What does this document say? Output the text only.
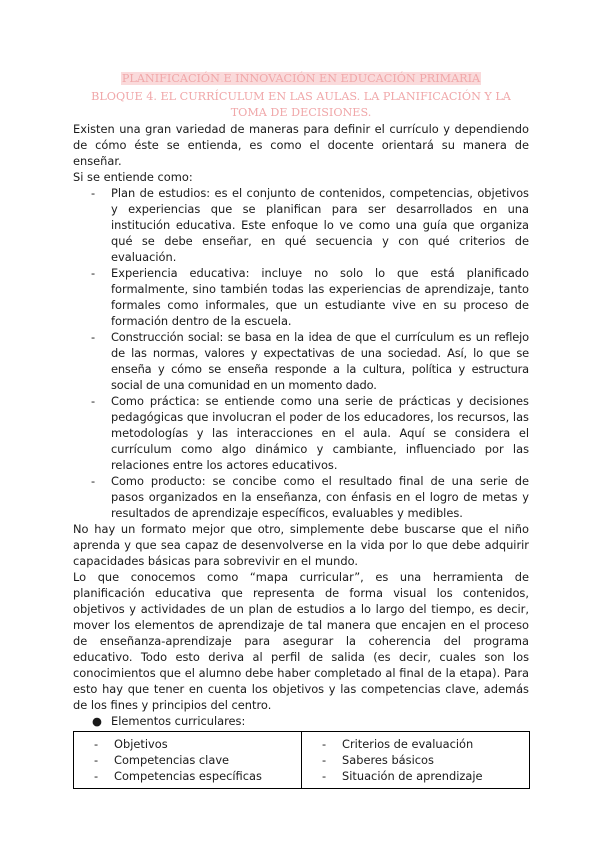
PLANIFICACIÓN E INNOVACIÓN EN EDUCACIÓN PRIMARIA

BLOQUE 4. EL CURRÍCULUM EN LAS AULAS. LA PLANIFICACIÓN Y LA TOMA DE DECISIONES.

Existen una gran variedad de maneras para definir el currículo y dependiendo de cómo éste se entienda, es como el docente orientará su manera de enseñar.

Si se entiende como:

- Plan de estudios: es el conjunto de contenidos, competencias, objetivos y experiencias que se planifican para ser desarrollados en una institución educativa. Este enfoque lo ve como una guía que organiza qué se debe enseñar, en qué secuencia y con qué criterios de evaluación.
- Experiencia educativa: incluye no solo lo que está planificado formalmente, sino también todas las experiencias de aprendizaje, tanto formales como informales, que un estudiante vive en su proceso de formación dentro de la escuela.
- Construcción social: se basa en la idea de que el currículum es un reflejo de las normas, valores y expectativas de una sociedad. Así, lo que se enseña y cómo se enseña responde a la cultura, política y estructura social de una comunidad en un momento dado.
- Como práctica: se entiende como una serie de prácticas y decisiones pedagógicas que involucran el poder de los educadores, los recursos, las metodologías y las interacciones en el aula. Aquí se considera el currículum como algo dinámico y cambiante, influenciado por las relaciones entre los actores educativos.
- Como producto: se concibe como el resultado final de una serie de pasos organizados en la enseñanza, con énfasis en el logro de metas y resultados de aprendizaje específicos, evaluables y medibles.

No hay un formato mejor que otro, simplemente debe buscarse que el niño aprenda y que sea capaz de desenvolverse en la vida por lo que debe adquirir capacidades básicas para sobrevivir en el mundo.

Lo que conocemos como “mapa curricular”, es una herramienta de planificación educativa que representa de forma visual los contenidos, objetivos y actividades de un plan de estudios a lo largo del tiempo, es decir, mover los elementos de aprendizaje de tal manera que encajen en el proceso de enseñanza-aprendizaje para asegurar la coherencia del programa educativo. Todo esto deriva al perfil de salida (es decir, cuales son los conocimientos que el alumno debe haber completado al final de la etapa). Para esto hay que tener en cuenta los objetivos y las competencias clave, además de los fines y principios del centro.

● Elementos curriculares:

- Objetivos
- Competencias clave
- Competencias específicas

- Criterios de evaluación
- Saberes básicos
- Situación de aprendizaje
